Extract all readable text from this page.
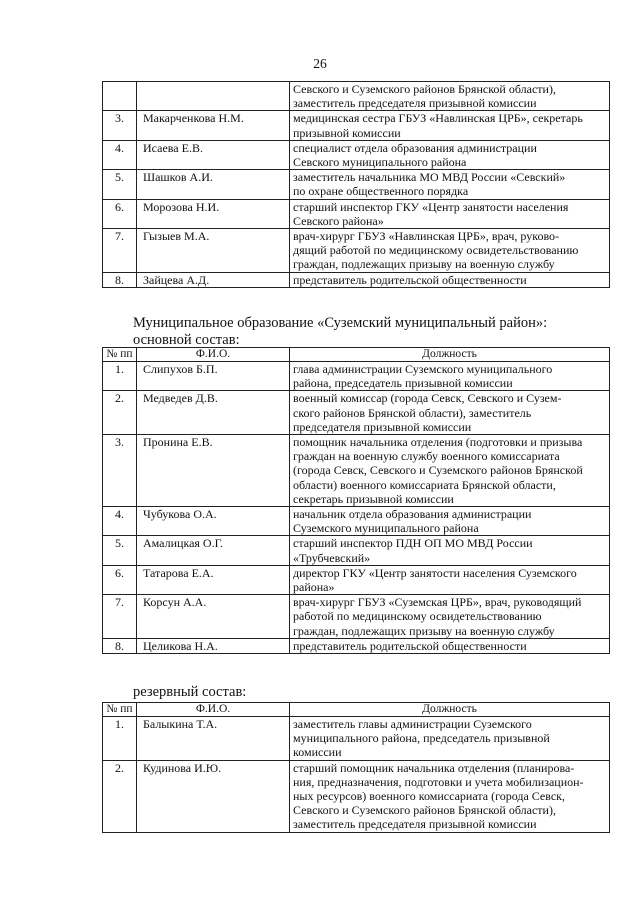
26

		Севского и Суземского районов Брянской области),
заместитель председателя призывной комиссии

3.	Макарченкова Н.М.	медицинская сестра ГБУЗ «Навлинская ЦРБ», секретарь
призывной комиссии

4.	Исаева Е.В.	специалист отдела образования администрации
Севского муниципального района

5.	Шашков А.И.	заместитель начальника МО МВД России «Севский»
по охране общественного порядка

6.	Морозова Н.И.	старший инспектор ГКУ «Центр занятости населения
Севского района»

7.	Гызыев М.А.	врач-хирург ГБУЗ «Навлинская ЦРБ», врач, руково-
дящий работой по медицинскому освидетельствованию
граждан, подлежащих призыву на военную службу

8.	Зайцева А.Д.	представитель родительской общественности
Муниципальное образование «Суземский муниципальный район»:
основной состав:
№ пп	Ф.И.О.	Должность
1.	Слипухов Б.П.	глава администрации Суземского муниципального
района, председатель призывной комиссии

2.	Медведев Д.В.	военный комиссар (города Севск, Севского и Сузем-
ского районов Брянской области), заместитель
председателя призывной комиссии

3.	Пронина Е.В.	помощник начальника отделения (подготовки и призыва
граждан на военную службу военного комиссариата
(города Севск, Севского и Суземского районов Брянской
области) военного комиссариата Брянской области,
секретарь призывной комиссии

4.	Чубукова О.А.	начальник отдела образования администрации
Суземского муниципального района

5.	Амалицкая О.Г.	старший инспектор ПДН ОП МО МВД России
«Трубчевский»

6.	Татарова Е.А.	директор ГКУ «Центр занятости населения Суземского
района»

7.	Корсун А.А.	врач-хирург ГБУЗ «Суземская ЦРБ», врач, руководящий
работой по медицинскому освидетельствованию
граждан, подлежащих призыву на военную службу

8.	Целикова Н.А.	представитель родительской общественности
резервный состав:
№ пп	Ф.И.О.	Должность
1.	Балыкина Т.А.	заместитель главы администрации Суземского
муниципального района, председатель призывной
комиссии

2.	Кудинова И.Ю.	старший помощник начальника отделения (планирова-
ния, предназначения, подготовки и учета мобилизацион-
ных ресурсов) военного комиссариата (города Севск,
Севского и Суземского районов Брянской области),
заместитель председателя призывной комиссии
